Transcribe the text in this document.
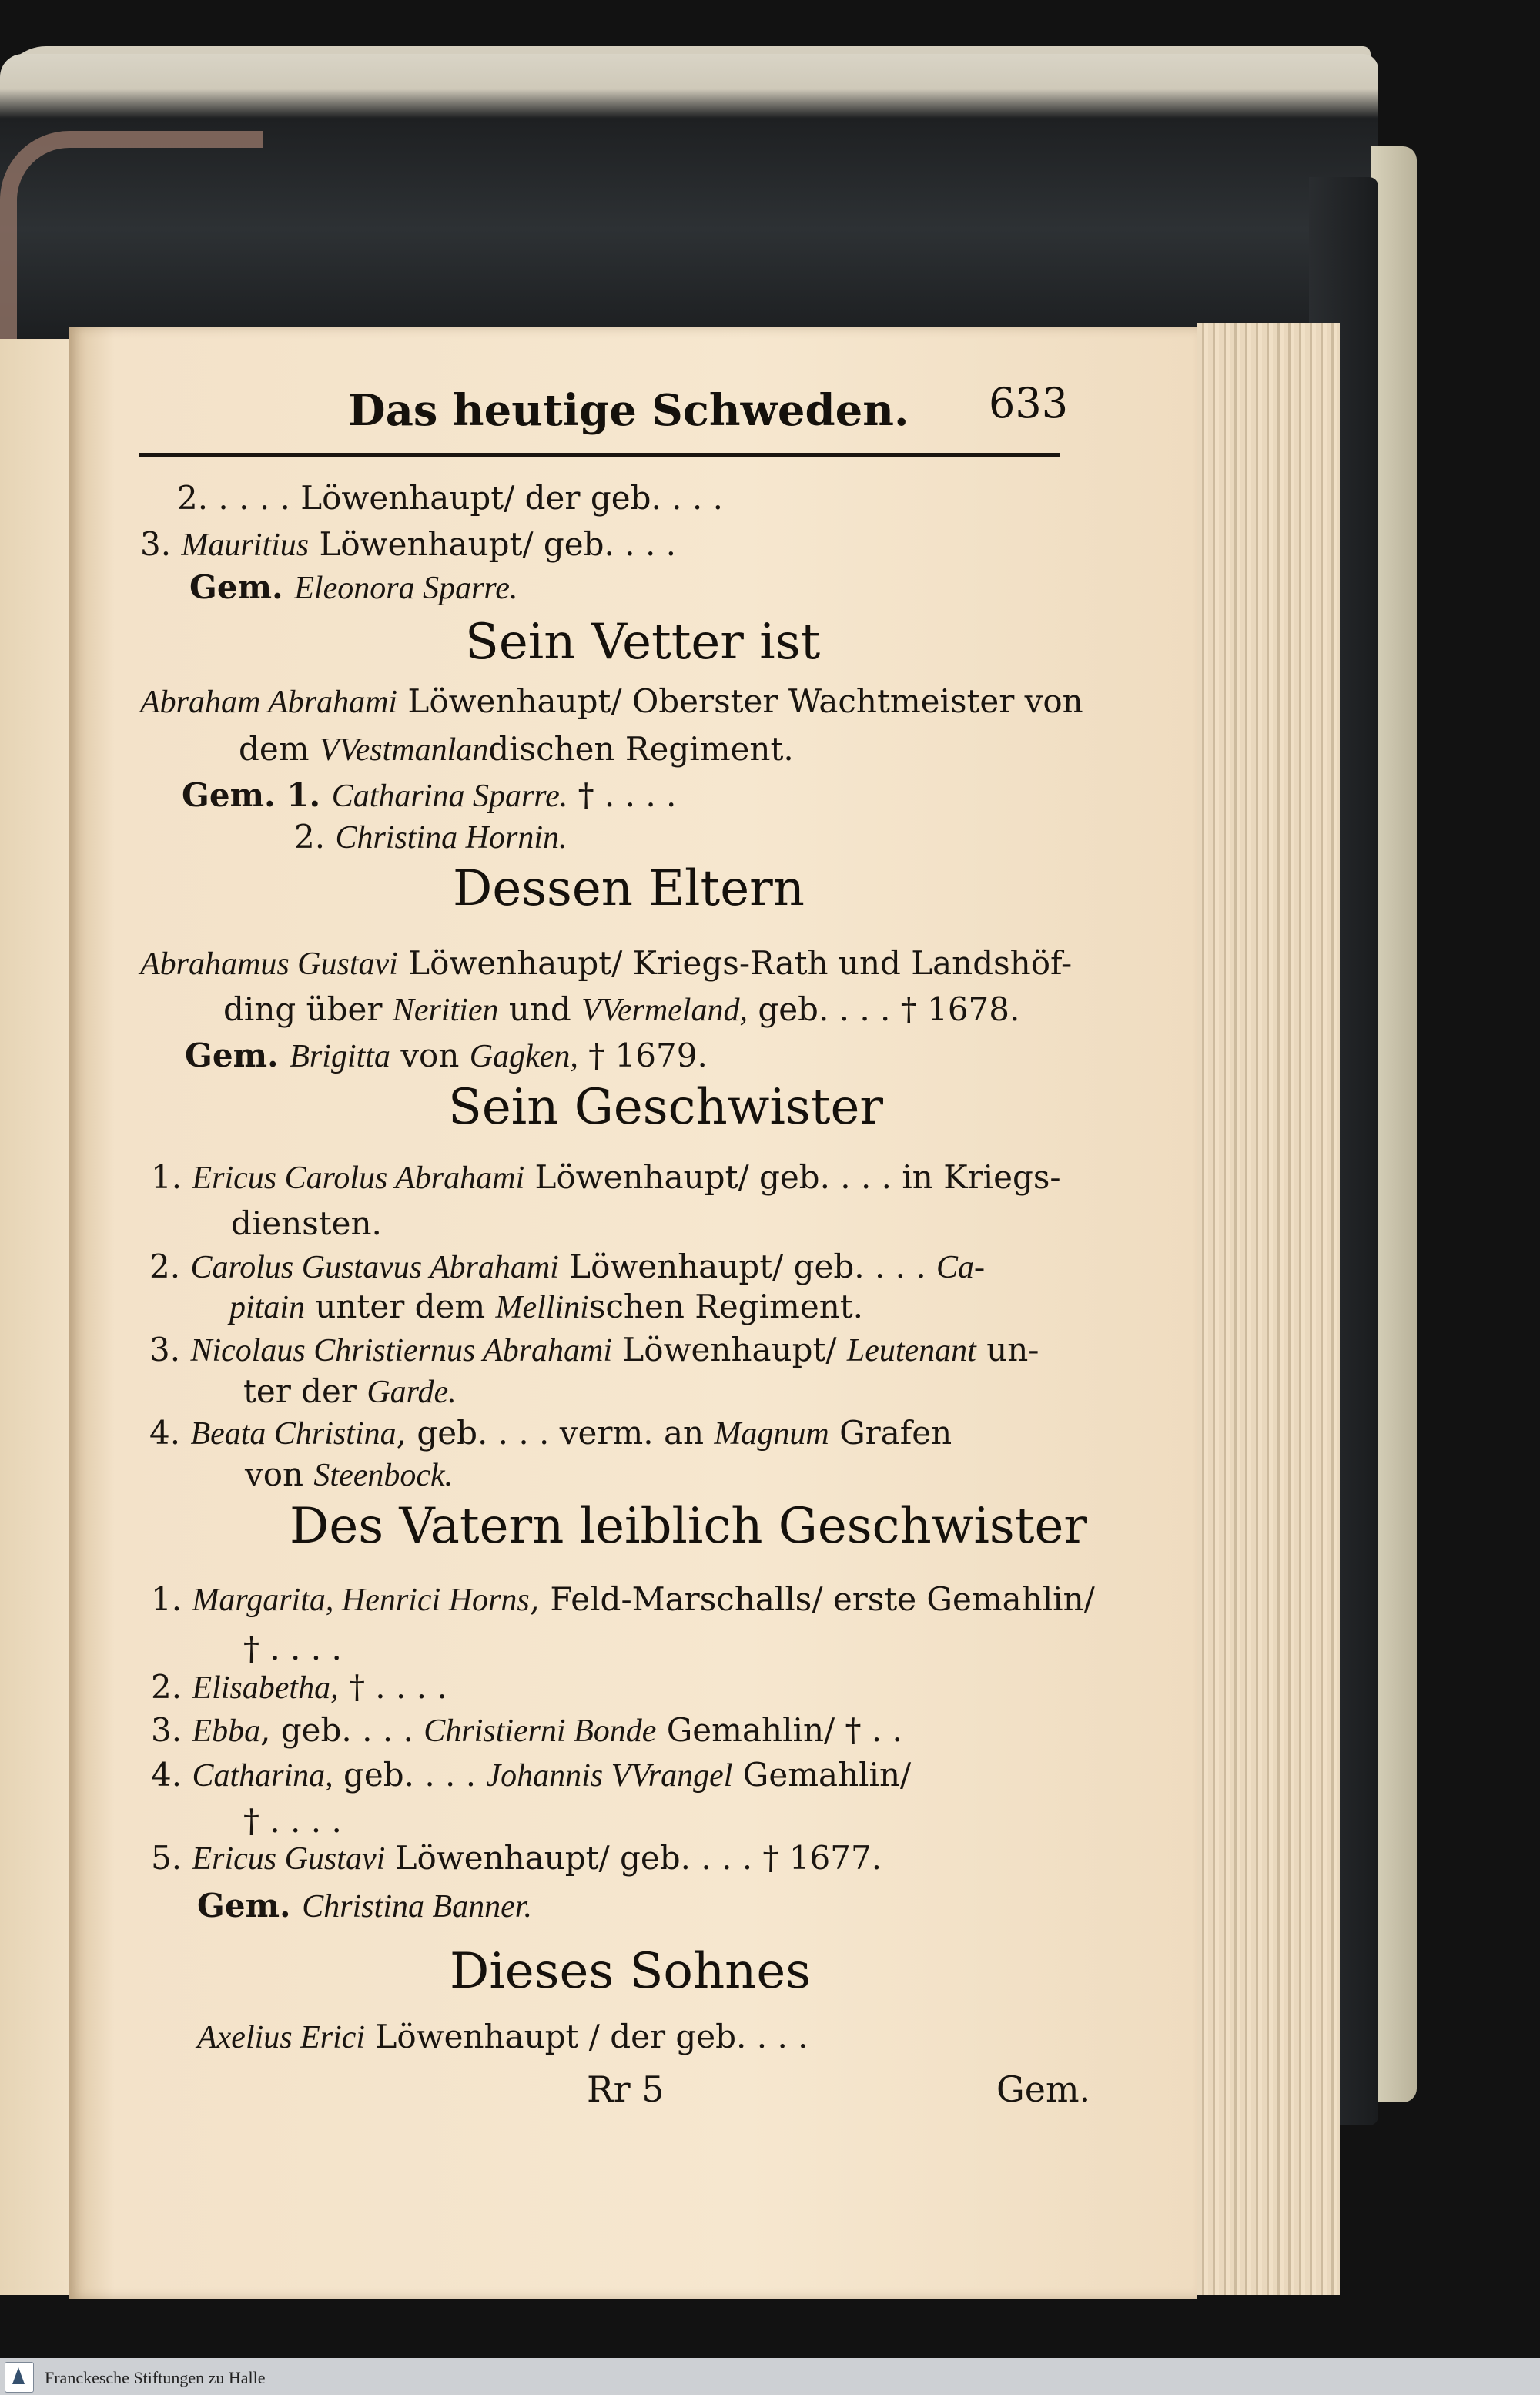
Das heutige Schweden. 633
2. . . . . Löwenhaupt/ der geb. . . .
3. Mauritius Löwenhaupt/ geb. . . .
Gem. Eleonora Sparre.
Sein Vetter ist
Abraham Abrahami Löwenhaupt/ Oberster Wachtmeister von
dem VVestmanlandischen Regiment.
Gem. 1. Catharina Sparre. † . . . .
2. Christina Hornin.
Dessen Eltern
Abrahamus Gustavi Löwenhaupt/ Kriegs-Rath und Landshöf-
ding über Neritien und VVermeland, geb. . . . † 1678.
Gem. Brigitta von Gagken, † 1679.
Sein Geschwister
1. Ericus Carolus Abrahami Löwenhaupt/ geb. . . . in Kriegs-
diensten.
2. Carolus Gustavus Abrahami Löwenhaupt/ geb. . . . Ca-
pitain unter dem Mellinischen Regiment.
3. Nicolaus Christiernus Abrahami Löwenhaupt/ Leutenant un-
ter der Garde.
4. Beata Christina, geb. . . . verm. an Magnum Grafen
von Steenbock.
Des Vatern leiblich Geschwister
1. Margarita, Henrici Horns, Feld-Marschalls/ erste Gemahlin/
† . . . .
2. Elisabetha, † . . . .
3. Ebba, geb. . . . Christierni Bonde Gemahlin/ † . .
4. Catharina, geb. . . . Johannis VVrangel Gemahlin/
† . . . .
5. Ericus Gustavi Löwenhaupt/ geb. . . . † 1677.
Gem. Christina Banner.
Dieses Sohnes
Axelius Erici Löwenhaupt / der geb. . . .
Rr 5	Gem.
Franckesche Stiftungen zu Halle
